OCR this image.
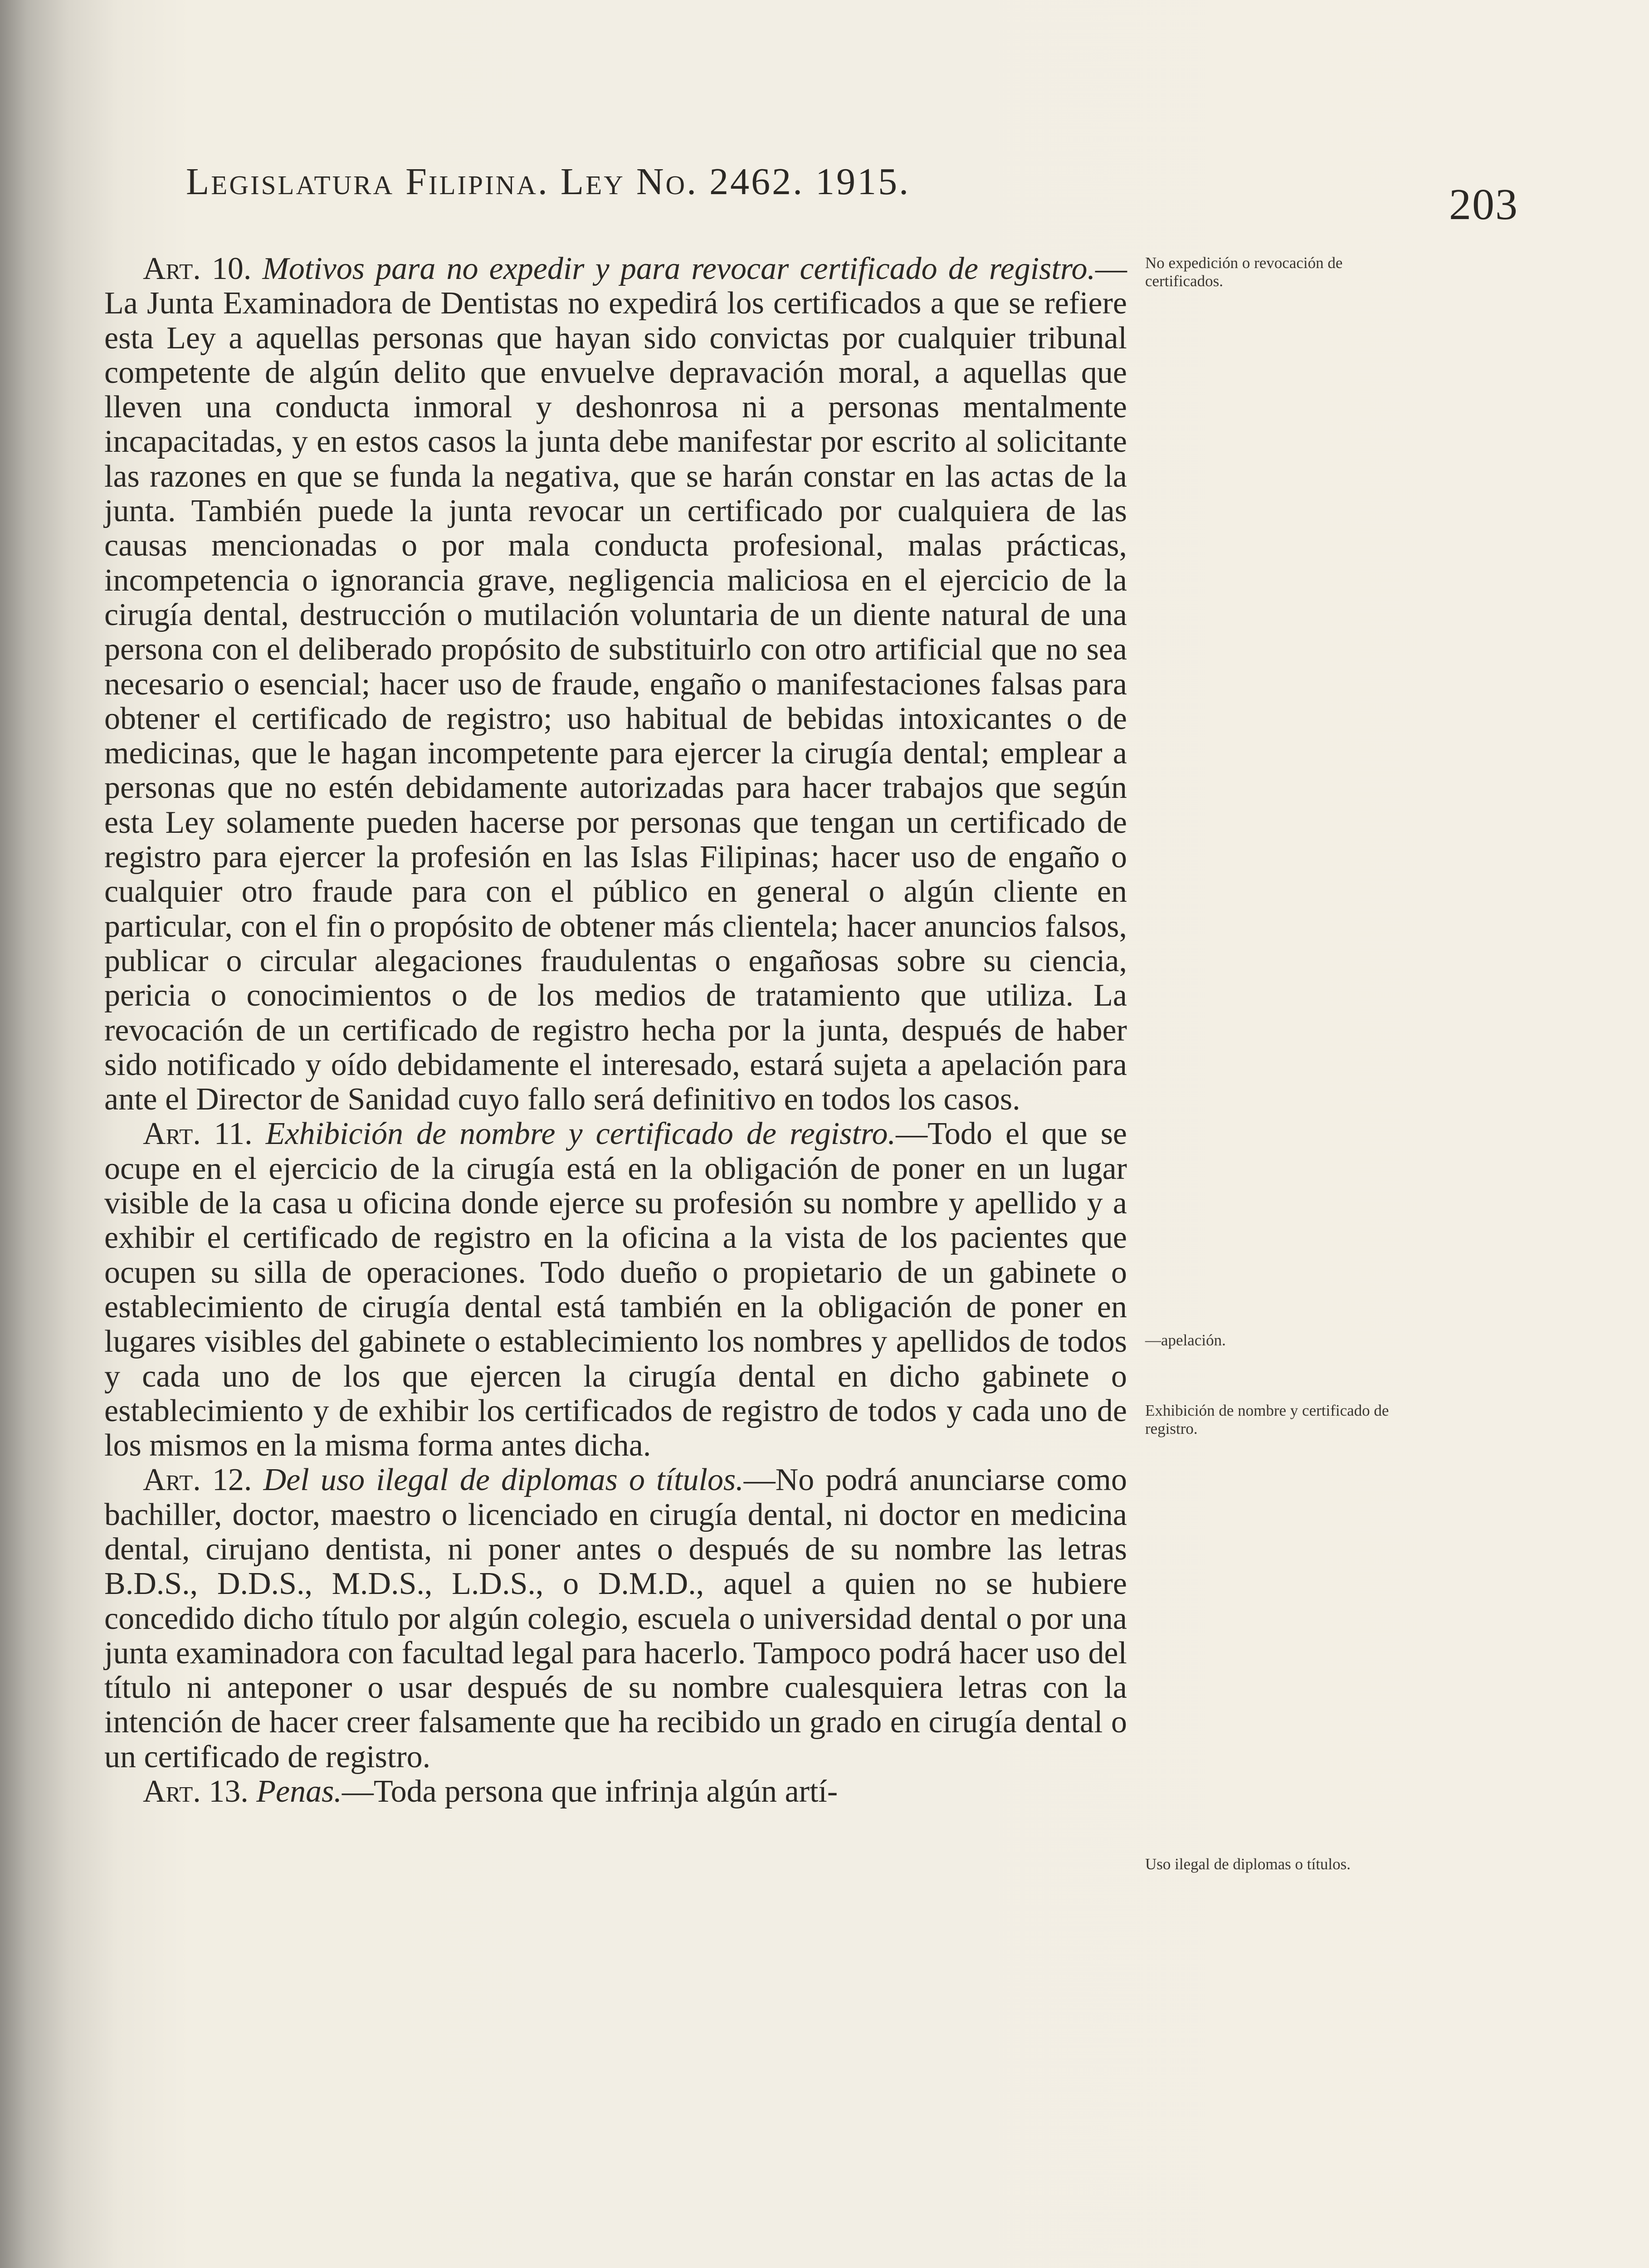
Legislatura Filipina. Ley No. 2462. 1915.	203

Art. 10. Motivos para no expedir y para revocar certificado de registro.—La Junta Examinadora de Dentistas no expedirá los certificados a que se refiere esta Ley a aquellas personas que hayan sido convictas por cualquier tribunal competente de algún delito que envuelve depravación moral, a aquellas que lleven una conducta inmoral y deshonrosa ni a personas mentalmente incapacitadas, y en estos casos la junta debe manifestar por escrito al solicitante las razones en que se funda la negativa, que se harán constar en las actas de la junta. También puede la junta revocar un certificado por cualquiera de las causas mencionadas o por mala conducta profesional, malas prácticas, incompetencia o ignorancia grave, negligencia maliciosa en el ejercicio de la cirugía dental, destrucción o mutilación voluntaria de un diente natural de una persona con el deliberado propósito de substituirlo con otro artificial que no sea necesario o esencial; hacer uso de fraude, engaño o manifestaciones falsas para obtener el certificado de registro; uso habitual de bebidas intoxicantes o de medicinas, que le hagan incompetente para ejercer la cirugía dental; emplear a personas que no estén debidamente autorizadas para hacer trabajos que según esta Ley solamente pueden hacerse por personas que tengan un certificado de registro para ejercer la profesión en las Islas Filipinas; hacer uso de engaño o cualquier otro fraude para con el público en general o algún cliente en particular, con el fin o propósito de obtener más clientela; hacer anuncios falsos, publicar o circular alegaciones fraudulentas o engañosas sobre su ciencia, pericia o conocimientos o de los medios de tratamiento que utiliza. La revocación de un certificado de registro hecha por la junta, después de haber sido notificado y oído debidamente el interesado, estará sujeta a apelación para ante el Director de Sanidad cuyo fallo será definitivo en todos los casos.

Art. 11. Exhibición de nombre y certificado de registro.—Todo el que se ocupe en el ejercicio de la cirugía está en la obligación de poner en un lugar visible de la casa u oficina donde ejerce su profesión su nombre y apellido y a exhibir el certificado de registro en la oficina a la vista de los pacientes que ocupen su silla de operaciones. Todo dueño o propietario de un gabinete o establecimiento de cirugía dental está también en la obligación de poner en lugares visibles del gabinete o establecimiento los nombres y apellidos de todos y cada uno de los que ejercen la cirugía dental en dicho gabinete o establecimiento y de exhibir los certificados de registro de todos y cada uno de los mismos en la misma forma antes dicha.

Art. 12. Del uso ilegal de diplomas o títulos.—No podrá anunciarse como bachiller, doctor, maestro o licenciado en cirugía dental, ni doctor en medicina dental, cirujano dentista, ni poner antes o después de su nombre las letras B.D.S., D.D.S., M.D.S., L.D.S., o D.M.D., aquel a quien no se hubiere concedido dicho título por algún colegio, escuela o universidad dental o por una junta examinadora con facultad legal para hacerlo. Tampoco podrá hacer uso del título ni anteponer o usar después de su nombre cualesquiera letras con la intención de hacer creer falsamente que ha recibido un grado en cirugía dental o un certificado de registro.

Art. 13. Penas.—Toda persona que infrinja algún artí-

No expedición o revocación de certificados.
—apelación.
Exhibición de nombre y certificado de registro.
Uso ilegal de diplomas o títulos.
